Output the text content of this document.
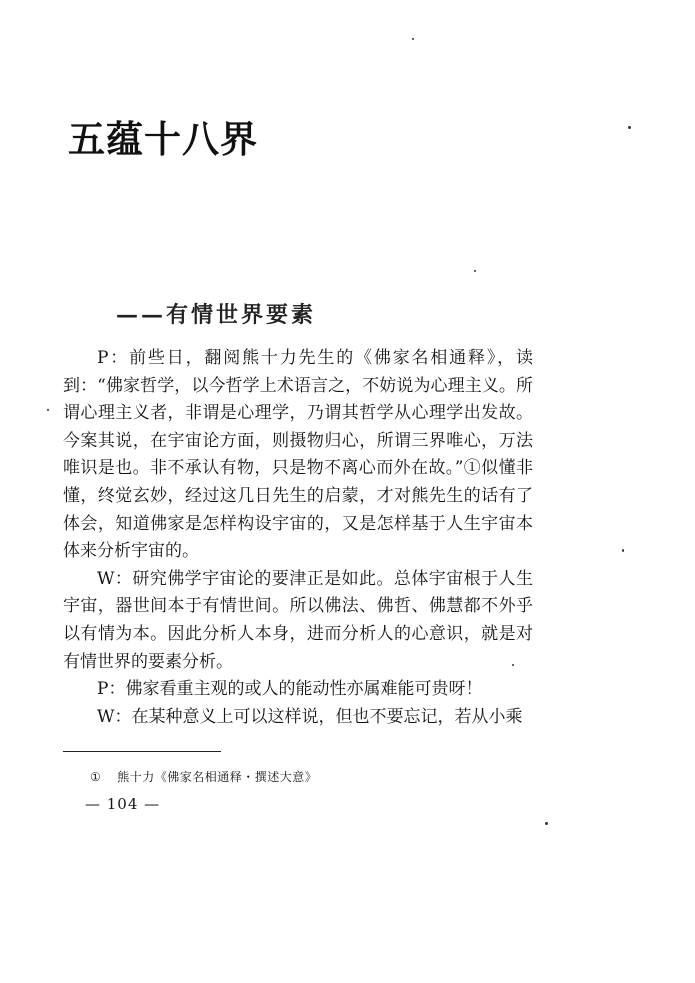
五蕴十八界
——有情世界要素

P：前些日，翻阅熊十力先生的《佛家名相通释》，读到：“佛家哲学，以今哲学上术语言之，不妨说为心理主义。所谓心理主义者，非谓是心理学，乃谓其哲学从心理学出发故。今案其说，在宇宙论方面，则摄物归心，所谓三界唯心，万法唯识是也。非不承认有物，只是物不离心而外在故。”①似懂非懂，终觉玄妙，经过这几日先生的启蒙，才对熊先生的话有了体会，知道佛家是怎样构设宇宙的，又是怎样基于人生宇宙本体来分析宇宙的。

W：研究佛学宇宙论的要津正是如此。总体宇宙根于人生宇宙，器世间本于有情世间。所以佛法、佛哲、佛慧都不外乎以有情为本。因此分析人本身，进而分析人的心意识，就是对有情世界的要素分析。

P：佛家看重主观的或人的能动性亦属难能可贵呀！

W：在某种意义上可以这样说，但也不要忘记，若从小乘

① 熊十力《佛家名相通释・撰述大意》
— 104 —
